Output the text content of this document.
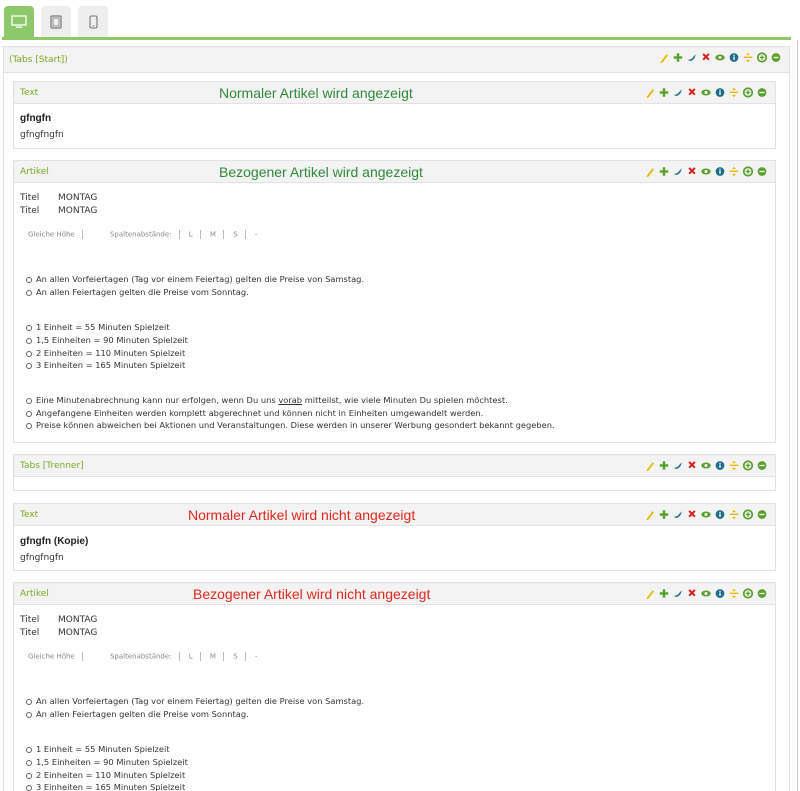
(Tabs [Start])
Text	Normaler Artikel wird angezeigt
gfngfn
gfngfngfn
Artikel	Bezogener Artikel wird angezeigt
Titel MONTAG
Titel MONTAG
Gleiche Höhe	Spaltenabstände: L M S -
An allen Vorfeiertagen (Tag vor einem Feiertag) gelten die Preise von Samstag.
An allen Feiertagen gelten die Preise vom Sonntag.
1 Einheit = 55 Minuten Spielzeit
1,5 Einheiten = 90 Minuten Spielzeit
2 Einheiten = 110 Minuten Spielzeit
3 Einheiten = 165 Minuten Spielzeit
Eine Minutenabrechnung kann nur erfolgen, wenn Du uns vorab mitteilst, wie viele Minuten Du spielen möchtest.
Angefangene Einheiten werden komplett abgerechnet und können nicht in Einheiten umgewandelt werden.
Preise können abweichen bei Aktionen und Veranstaltungen. Diese werden in unserer Werbung gesondert bekannt gegeben.
Tabs [Trenner]
Text	Normaler Artikel wird nicht angezeigt
gfngfn (Kopie)
gfngfngfn
Artikel	Bezogener Artikel wird nicht angezeigt
Titel MONTAG
Titel MONTAG
Gleiche Höhe	Spaltenabstände: L M S -
An allen Vorfeiertagen (Tag vor einem Feiertag) gelten die Preise von Samstag.
An allen Feiertagen gelten die Preise vom Sonntag.
1 Einheit = 55 Minuten Spielzeit
1,5 Einheiten = 90 Minuten Spielzeit
2 Einheiten = 110 Minuten Spielzeit
3 Einheiten = 165 Minuten Spielzeit
